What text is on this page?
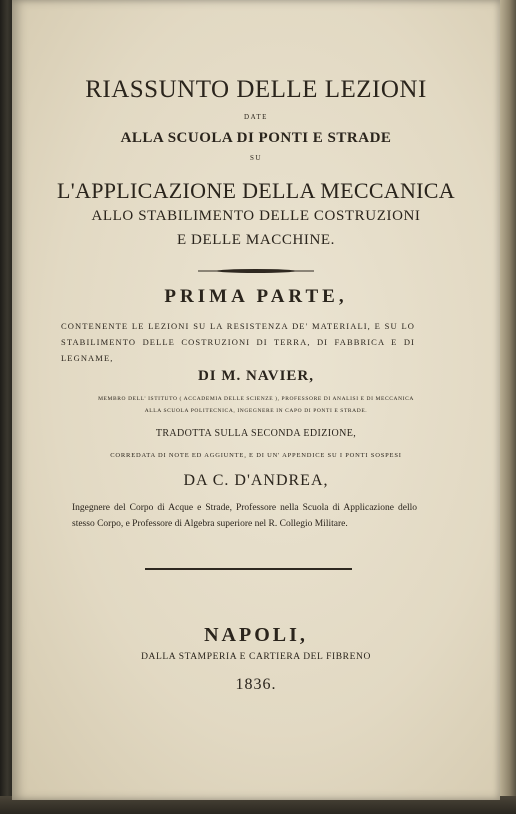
RIASSUNTO DELLE LEZIONI
DATE
ALLA SCUOLA DI PONTI E STRADE
SU
L'APPLICAZIONE DELLA MECCANICA
ALLO STABILIMENTO DELLE COSTRUZIONI
E DELLE MACCHINE.
PRIMA PARTE,
CONTENENTE LE LEZIONI SU LA RESISTENZA DE' MATERIALI, E SU LO STABILIMENTO DELLE COSTRUZIONI DI TERRA, DI FABBRICA E DI LEGNAME,
DI M. NAVIER,
MEMBRO DELL' ISTITUTO ( ACCADEMIA DELLE SCIENZE ), PROFESSORE DI ANALISI E DI MECCANICA
ALLA SCUOLA POLITECNICA, INGEGNERE IN CAPO DI PONTI E STRADE.
TRADOTTA SULLA SECONDA EDIZIONE,
CORREDATA DI NOTE ED AGGIUNTE, E DI UN' APPENDICE SU I PONTI SOSPESI
DA C. D'ANDREA,
Ingegnere del Corpo di Acque e Strade, Professore nella Scuola di Applicazione dello stesso Corpo, e Professore di Algebra superiore nel R. Collegio Militare.
NAPOLI,
DALLA STAMPERIA E CARTIERA DEL FIBRENO
1836.
